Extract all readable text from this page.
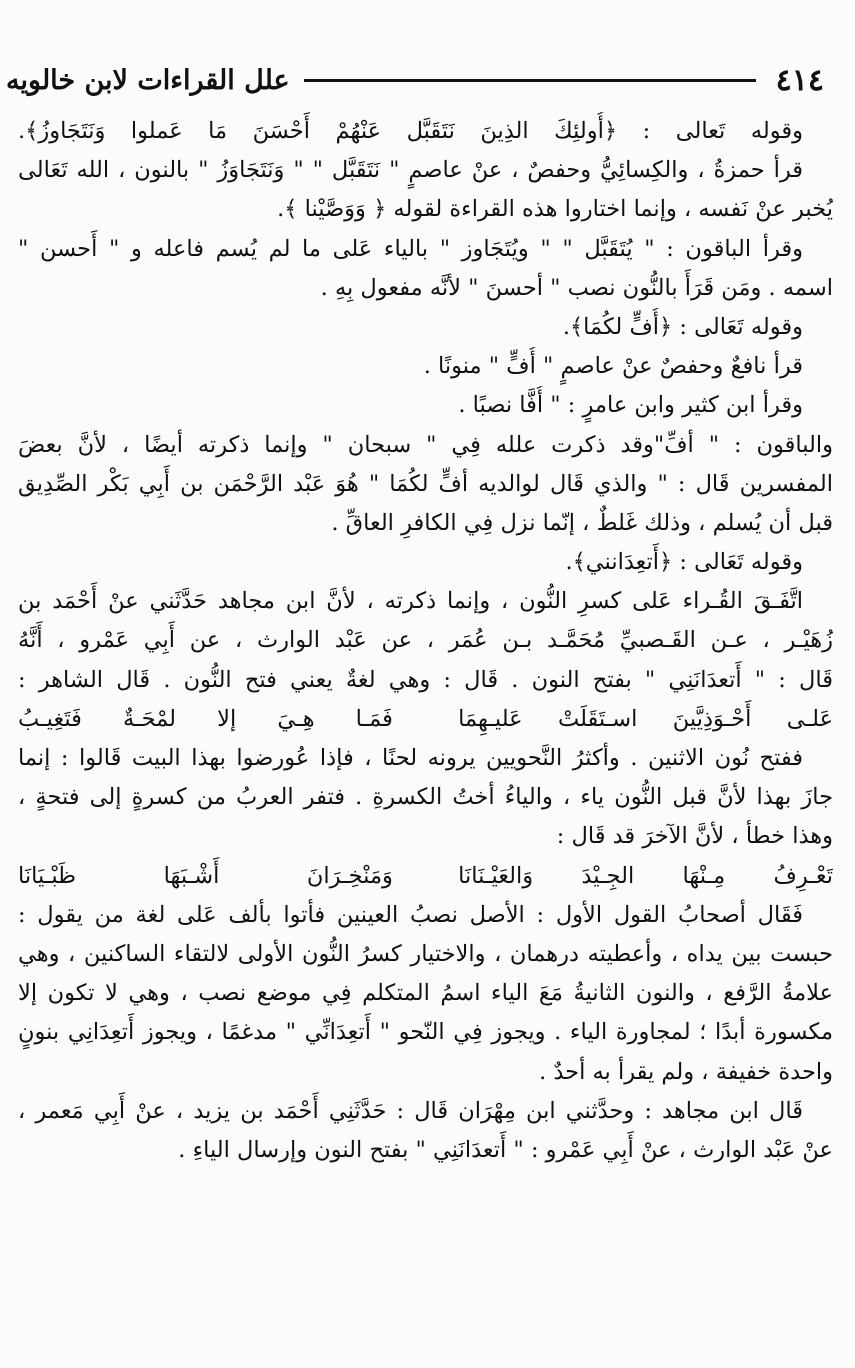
٤١٤
علل القراءات لابن خالويه
وقوله تَعالى : ﴿أُولئِكَ الذِينَ نَتَقَبَّل عَنْهُمْ أَحْسَنَ مَا عَملوا وَنَتَجَاوزُ﴾.
قرأ حمزةُ ، والكِسائِيُّ وحفصٌ ، عنْ عاصمٍ " نَتَقَبَّل " " وَنَتَجَاوَزُ " بالنون ، الله تَعَالى
يُخبر عنْ نَفسه ، وإنما اختاروا هذه القراءة لقوله ﴿ وَوَصَّيْنا ﴾.
وقرأ الباقون : " يُتَقَبَّل " " ويُتَجَاوز " بالياء عَلى ما لم يُسم فاعله و " أَحسن "
اسمه . ومَن قَرَأَ بالنُّون نصب " أحسنَ " لأنَّه مفعول بِهِ .
وقوله تَعَالى : ﴿أُفٍّ لكُمَا﴾.
قرأ نافعٌ وحفصٌ عنْ عاصمٍ " أُفٍّ " منونًا .
وقرأ ابن كثير وابن عامرٍ : " أُفَّا نصبًا .
والباقون : " أفِّ"وقد ذكرت علله فِي " سبحان " وإنما ذكرته أيضًا ، لأنَّ بعضَ
المفسرين قَال : " والذي قَال لوالديه أفٍّ لكُمَا " هُوَ عَبْد الرَّحْمَن بن أَبِي بَكْر الصِّدِيق
قبل أن يُسلم ، وذلك غَلطٌ ، إنّما نزل فِي الكافرِ العاقِّ .
وقوله تَعَالى : ﴿أَتعِدَانني﴾.
اتَّفَـقَ القُـراء عَلى كسرِ النُّون ، وإنما ذكرته ، لأنَّ ابن مجاهد حَدَّثَني عنْ أَحْمَد بن
زُهَيْـر ، عـن القَـصبيِّ مُحَمَّـد بـن عُمَر ، عن عَبْد الوارث ، عن أَبِي عَمْرو ، أَنَّهُ
قَال : " أَتعدَانَنِي " بفتح النون . قَال : وهي لغةٌ يعني فتح النُّون . قَال الشاهر :
عَلـى أَحْـوَذِيَّينَ اسـتَقَلَتْ عَليـهِمَا
فَمَـا هِـيَ إلا لمْحَـةٌ فَتَغِيـبُ
ففتح نُون الاثنين . وأكثرُ النَّحويين يرونه لحنًا ، فإذا عُورضوا بهذا البيت قَالوا : إنما
جازَ بهذا لأنَّ قبل النُّون ياء ، والياءُ أختُ الكسرةِ . فتفر العربُ من كسرةٍ إلى فتحةٍ ،
وهذا خطأ ، لأنَّ الآخرَ قد قَال :
تَعْـرِفُ مِـنْهَا الجِـيْدَ وَالعَيْـنَانَا
وَمَنْخِـرَانَ أَشْـبَهَا ظَبْـيَانَا
فَقَال أصحابُ القول الأول : الأصل نصبُ العينين فأتوا بألف عَلى لغة من يقول :
حبست بين يداه ، وأعطيته درهمان ، والاختيار كسرُ النُّون الأولى لالتقاء الساكنين ، وهي
علامةُ الرَّفع ، والنون الثانيةُ مَعَ الياء اسمُ المتكلم فِي موضع نصب ، وهي لا تكون إلا
مكسورة أبدًا ؛ لمجاورة الياء . ويجوز فِي النّحو " أَتعِدَانِّي " مدغمًا ، ويجوز أَتعِدَانِي بنونٍ
واحدة خفيفة ، ولم يقرأ به أحدٌ .
قَال ابن مجاهد : وحدَّثني ابن مِهْرَان قَال : حَدَّثَنِي أَحْمَد بن يزيد ، عنْ أَبِي مَعمر ،
عنْ عَبْد الوارث ، عنْ أَبِي عَمْرو : " أَتعدَانَنِي " بفتح النون وإرسال الياءِ .
